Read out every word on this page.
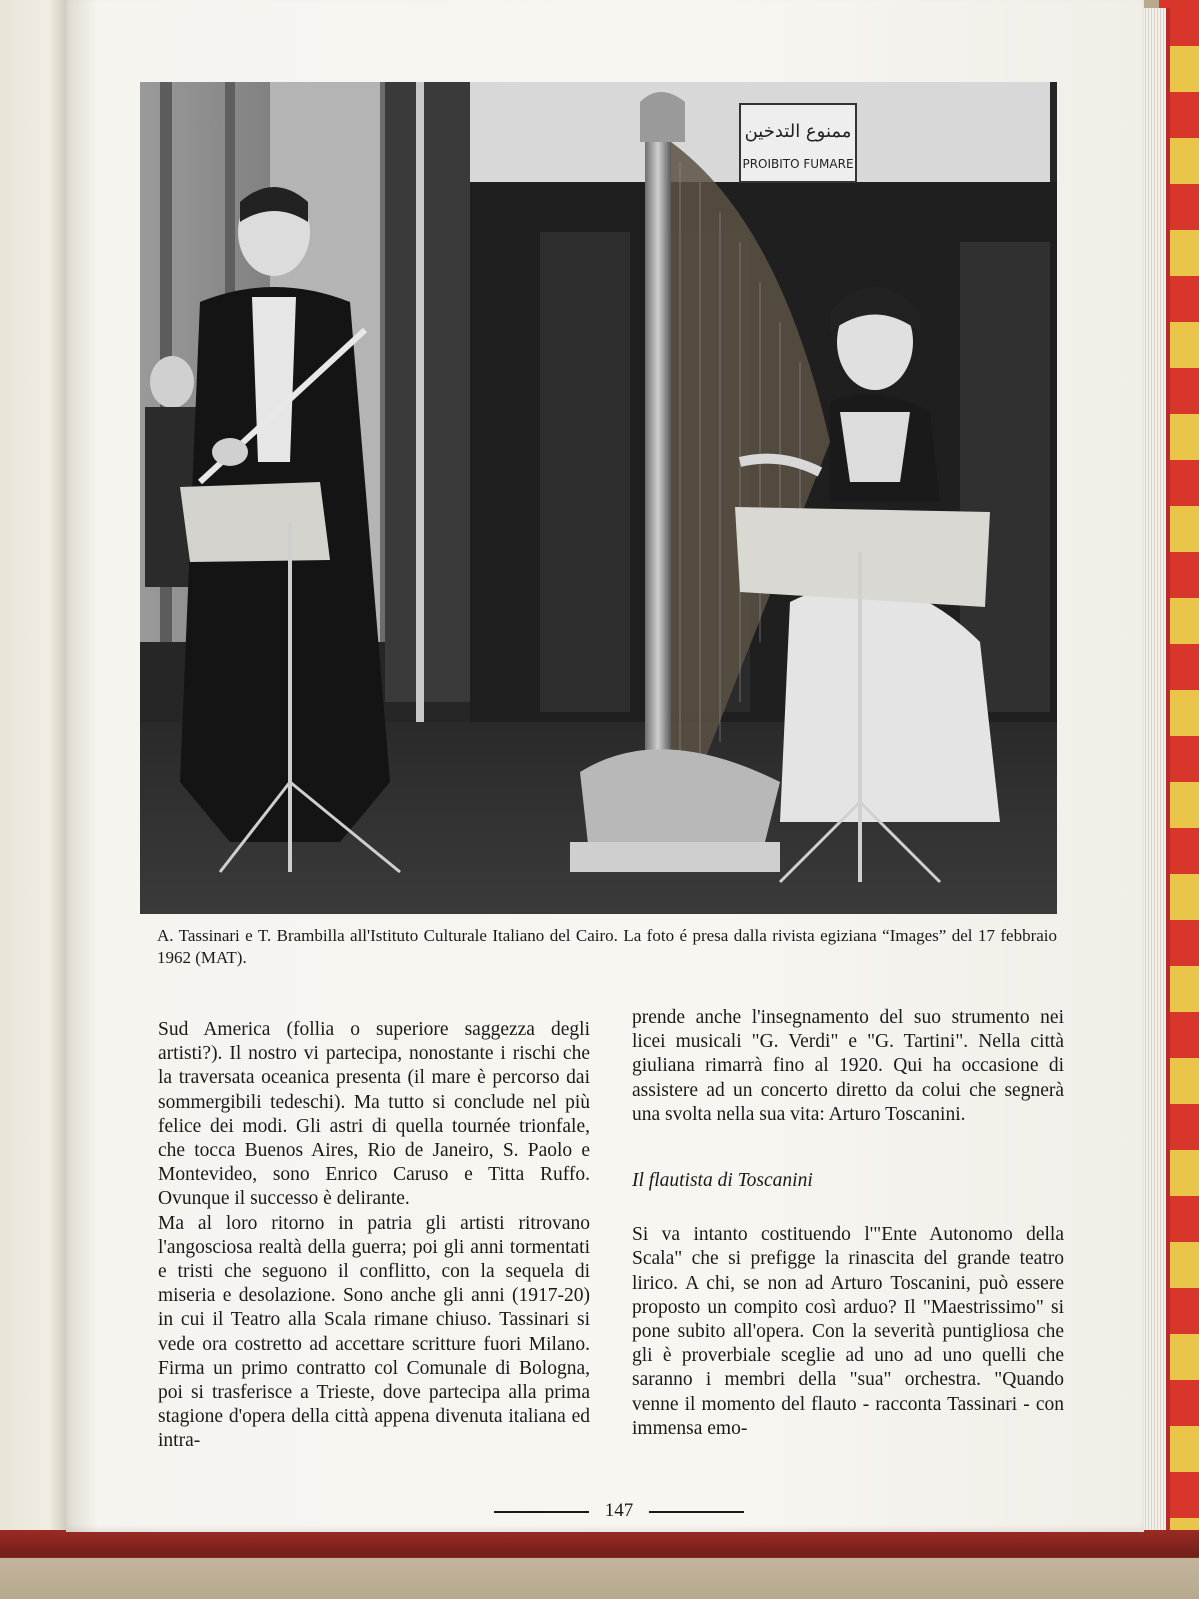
ممنوع التدخين
PROIBITO FUMARE

A. Tassinari e T. Brambilla all'Istituto Culturale Italiano del Cairo. La foto é presa dalla rivista egiziana “Images” del 17 febbraio 1962 (MAT).

Sud America (follia o superiore saggezza degli artisti?). Il nostro vi partecipa, nonostante i rischi che la traversata oceanica presenta (il mare è percorso dai sommergibili tedeschi). Ma tutto si conclude nel più felice dei modi. Gli astri di quella tournée trionfale, che tocca Buenos Aires, Rio de Janeiro, S. Paolo e Montevideo, sono Enrico Caruso e Titta Ruffo. Ovunque il successo è delirante.

Ma al loro ritorno in patria gli artisti ritrovano l'angosciosa realtà della guerra; poi gli anni tormentati e tristi che seguono il conflitto, con la sequela di miseria e desolazione. Sono anche gli anni (1917-20) in cui il Teatro alla Scala rimane chiuso. Tassinari si vede ora costretto ad accettare scritture fuori Milano. Firma un primo contratto col Comunale di Bologna, poi si trasferisce a Trieste, dove partecipa alla prima stagione d'opera della città appena divenuta italiana ed intra-

prende anche l'insegnamento del suo strumento nei licei musicali "G. Verdi" e "G. Tartini". Nella città giuliana rimarrà fino al 1920. Qui ha occasione di assistere ad un concerto diretto da colui che segnerà una svolta nella sua vita: Arturo Toscanini.

Il flautista di Toscanini

Si va intanto costituendo l'"Ente Autonomo della Scala" che si prefigge la rinascita del grande teatro lirico. A chi, se non ad Arturo Toscanini, può essere proposto un compito così arduo? Il "Maestrissimo" si pone subito all'opera. Con la severità puntigliosa che gli è proverbiale sceglie ad uno ad uno quelli che saranno i membri della "sua" orchestra. "Quando venne il momento del flauto - racconta Tassinari - con immensa emo-

147
